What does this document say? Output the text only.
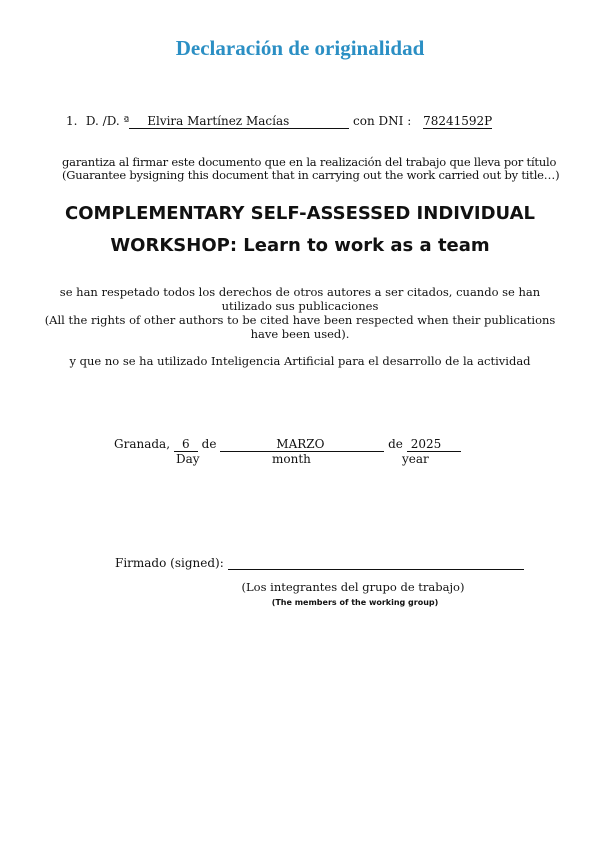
Declaración de originalidad
1. D. /D. ª Elvira Martínez Macías	con DNI : 78241592P
garantiza al firmar este documento que en la realización del trabajo que lleva por título
(Guarantee bysigning this document that in carrying out the work carried out by title…)
COMPLEMENTARY SELF-ASSESSED INDIVIDUAL
WORKSHOP: Learn to work as a team
se han respetado todos los derechos de otros autores a ser citados, cuando se han
utilizado sus publicaciones
(All the rights of other authors to be cited have been respected when their publications
have been used).
y que no se ha utilizado Inteligencia Artificial para el desarrollo de la actividad
Granada, 6 de	MARZO	de 2025
Day	month	year
Firmado (signed):
(Los integrantes del grupo de trabajo)
(The members of the working group)
